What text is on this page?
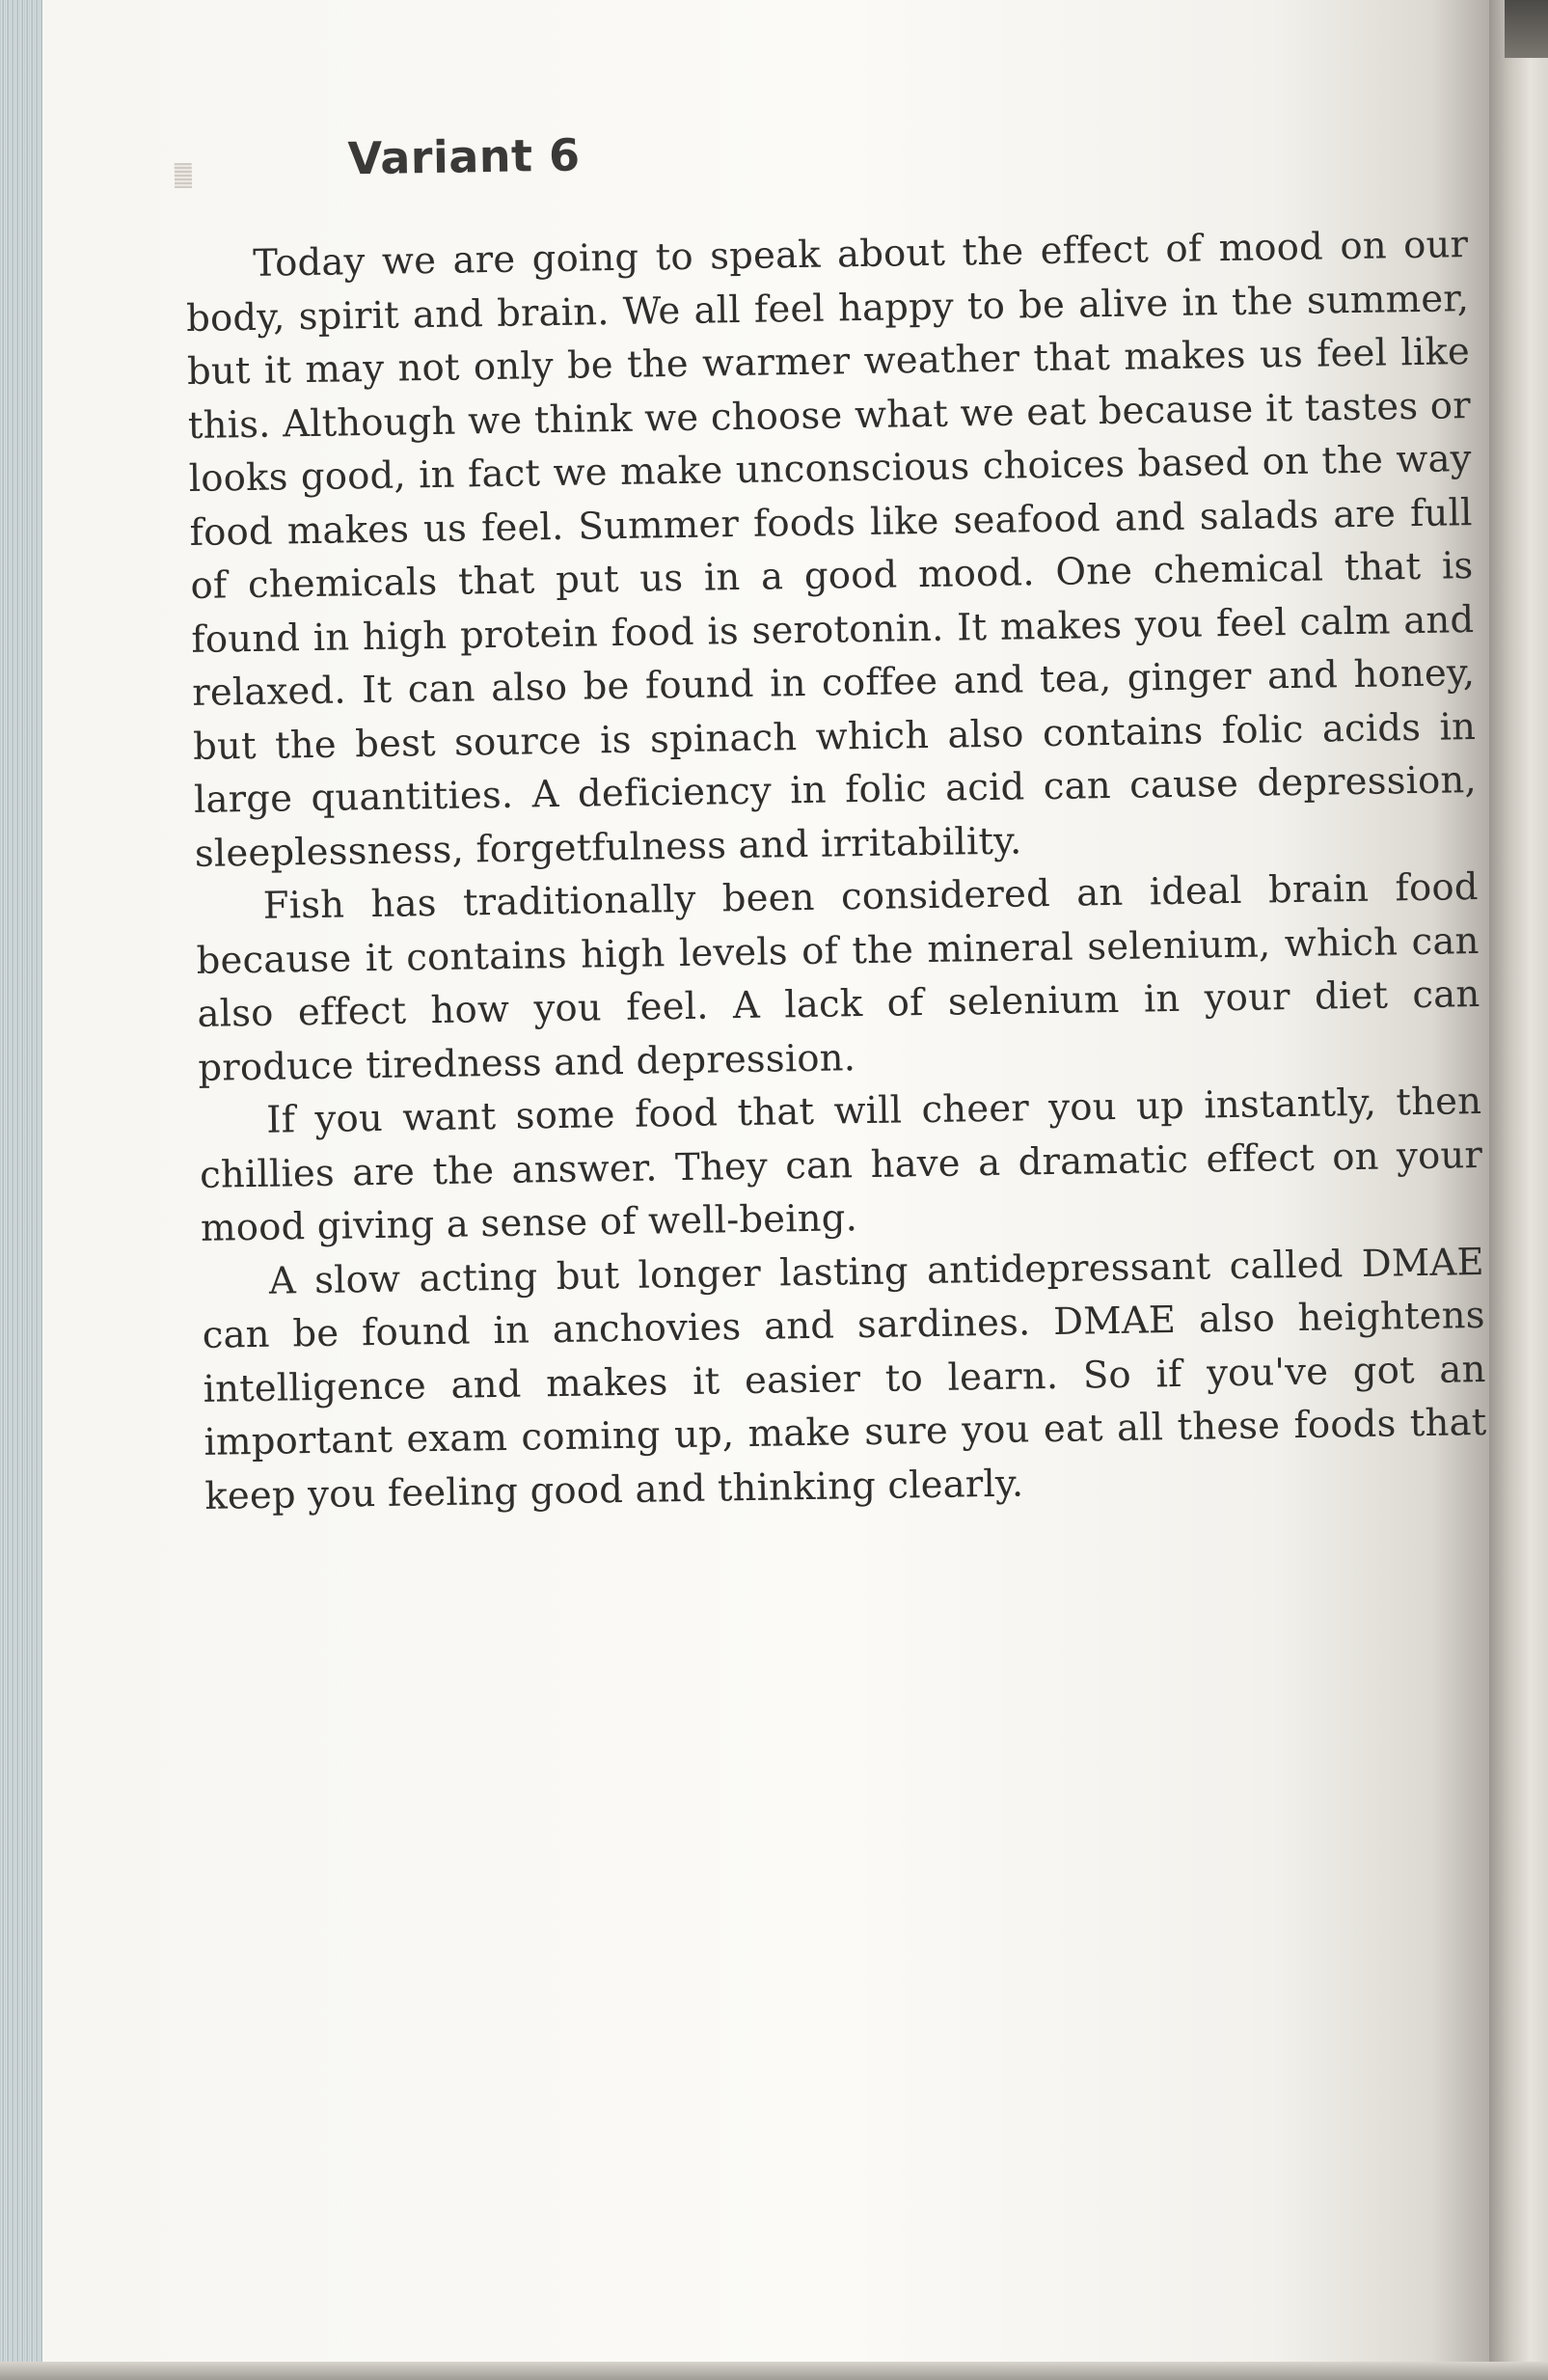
Variant 6

Today we are going to speak about the effect of mood on our body, spirit and brain. We all feel happy to be alive in the summer, but it may not only be the warmer weather that makes us feel like this. Although we think we choose what we eat because it tastes or looks good, in fact we make unconscious choices based on the way food makes us feel. Summer foods like seafood and salads are full of chemicals that put us in a good mood. One chemical that is found in high protein food is serotonin. It makes you feel calm and relaxed. It can also be found in coffee and tea, ginger and honey, but the best source is spinach which also contains folic acids in large quantities. A deficiency in folic acid can cause depression, sleeplessness, forgetfulness and irritability.

Fish has traditionally been considered an ideal brain food because it contains high levels of the mineral selenium, which can also effect how you feel. A lack of selenium in your diet can produce tiredness and depression.

If you want some food that will cheer you up instantly, then chillies are the answer. They can have a dramatic effect on your mood giving a sense of well-being.

A slow acting but longer lasting antidepressant called DMAE can be found in anchovies and sardines. DMAE also heightens intelligence and makes it easier to learn. So if you've got an important exam coming up, make sure you eat all these foods that keep you feeling good and thinking clearly.
